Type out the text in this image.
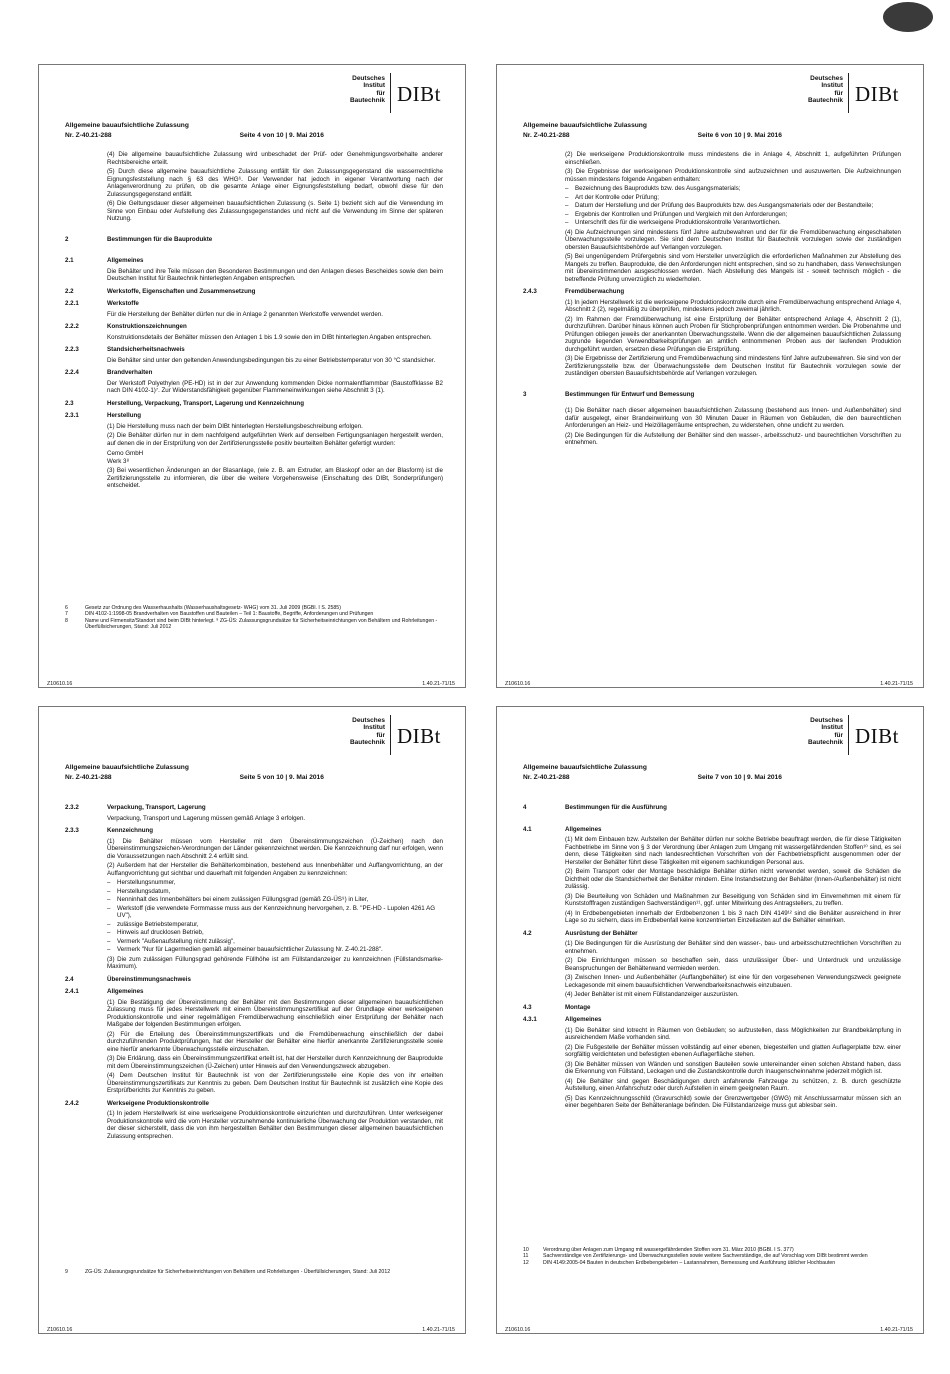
Deutsches
Institut
für
Bautechnik DIBt
Allgemeine bauaufsichtliche Zulassung
Nr. Z-40.21-288	Seite 4 von 10 | 9. Mai 2016

(4) Die allgemeine bauaufsichtliche Zulassung wird unbeschadet der Prüf- oder Genehmigungsvorbehalte anderer Rechtsbereiche erteilt.

(5) Durch diese allgemeine bauaufsichtliche Zulassung entfällt für den Zulassungsgegenstand die wasserrechtliche Eignungsfeststellung nach § 63 des WHG⁶. Der Verwender hat jedoch in eigener Verantwortung nach der Anlagenverordnung zu prüfen, ob die gesamte Anlage einer Eignungsfeststellung bedarf, obwohl diese für den Zulassungsgegenstand entfällt.

(6) Die Geltungsdauer dieser allgemeinen bauaufsichtlichen Zulassung (s. Seite 1) bezieht sich auf die Verwendung im Sinne von Einbau oder Aufstellung des Zulassungsgegenstandes und nicht auf die Verwendung im Sinne der späteren Nutzung.

2	Bestimmungen für die Bauprodukte
2.1	Allgemeines

Die Behälter und ihre Teile müssen den Besonderen Bestimmungen und den Anlagen dieses Bescheides sowie den beim Deutschen Institut für Bautechnik hinterlegten Angaben entsprechen.

2.2	Werkstoffe, Eigenschaften und Zusammensetzung
2.2.1	Werkstoffe

Für die Herstellung der Behälter dürfen nur die in Anlage 2 genannten Werkstoffe verwendet werden.

2.2.2	Konstruktionszeichnungen

Konstruktionsdetails der Behälter müssen den Anlagen 1 bis 1.9 sowie den im DIBt hinterlegten Angaben entsprechen.

2.2.3	Standsicherheitsnachweis

Die Behälter sind unter den geltenden Anwendungsbedingungen bis zu einer Betriebstemperatur von 30 °C standsicher.

2.2.4	Brandverhalten

Der Werkstoff Polyethylen (PE-HD) ist in der zur Anwendung kommenden Dicke normalentflammbar (Baustoffklasse B2 nach DIN 4102-1)⁷. Zur Widerstandsfähigkeit gegenüber Flammeneinwirkungen siehe Abschnitt 3 (1).

2.3	Herstellung, Verpackung, Transport, Lagerung und Kennzeichnung
2.3.1	Herstellung

(1) Die Herstellung muss nach der beim DIBt hinterlegten Herstellungsbeschreibung erfolgen.

(2) Die Behälter dürfen nur in dem nachfolgend aufgeführten Werk auf denselben Fertigungsanlagen hergestellt werden, auf denen die in der Erstprüfung von der Zertifizierungsstelle positiv beurteilten Behälter gefertigt wurden:

Cemo GmbH

Werk 3⁸

(3) Bei wesentlichen Änderungen an der Blasanlage, (wie z. B. am Extruder, am Blaskopf oder an der Blasform) ist die Zertifizierungsstelle zu informieren, die über die weitere Vorgehensweise (Einschaltung des DIBt, Sonderprüfungen) entscheidet.

6	Gesetz zur Ordnung des Wasserhaushalts (Wasserhaushaltsgesetz- WHG) vom 31. Juli 2009 (BGBl. I S. 2585)
7	DIN 4102-1:1998-05 Brandverhalten von Baustoffen und Bauteilen – Teil 1: Baustoffe, Begriffe, Anforderungen und Prüfungen
8	Name und Firmensitz/Standort sind beim DIBt hinterlegt. ⁹ ZG-ÜS: Zulassungsgrundsätze für Sicherheitseinrichtungen von Behältern und Rohrleitungen - Überfüllsicherungen, Stand: Juli 2012
Z10610.16	1.40.21-71/15
Deutsches
Institut
für
Bautechnik DIBt
Allgemeine bauaufsichtliche Zulassung
Nr. Z-40.21-288	Seite 6 von 10 | 9. Mai 2016

(2) Die werkseigene Produktionskontrolle muss mindestens die in Anlage 4, Abschnitt 1, aufgeführten Prüfungen einschließen.

(3) Die Ergebnisse der werkseigenen Produktionskontrolle sind aufzuzeichnen und auszuwerten. Die Aufzeichnungen müssen mindestens folgende Angaben enthalten:

– Bezeichnung des Bauprodukts bzw. des Ausgangsmaterials;
– Art der Kontrolle oder Prüfung;
– Datum der Herstellung und der Prüfung des Bauprodukts bzw. des Ausgangsmaterials oder der Bestandteile;
– Ergebnis der Kontrollen und Prüfungen und Vergleich mit den Anforderungen;
– Unterschrift des für die werkseigene Produktionskontrolle Verantwortlichen.

(4) Die Aufzeichnungen sind mindestens fünf Jahre aufzubewahren und der für die Fremdüberwachung eingeschalteten Überwachungsstelle vorzulegen. Sie sind dem Deutschen Institut für Bautechnik vorzulegen sowie der zuständigen obersten Bauaufsichtsbehörde auf Verlangen vorzulegen.

(5) Bei ungenügendem Prüfergebnis sind vom Hersteller unverzüglich die erforderlichen Maßnahmen zur Abstellung des Mangels zu treffen. Bauprodukte, die den Anforderungen nicht entsprechen, sind so zu handhaben, dass Verwechslungen mit übereinstimmenden ausgeschlossen werden. Nach Abstellung des Mangels ist - soweit technisch möglich - die betreffende Prüfung unverzüglich zu wiederholen.

2.4.3	Fremdüberwachung

(1) In jedem Herstellwerk ist die werkseigene Produktionskontrolle durch eine Fremdüberwachung entsprechend Anlage 4, Abschnitt 2 (2), regelmäßig zu überprüfen, mindestens jedoch zweimal jährlich.

(2) Im Rahmen der Fremdüberwachung ist eine Erstprüfung der Behälter entsprechend Anlage 4, Abschnitt 2 (1), durchzuführen. Darüber hinaus können auch Proben für Stichprobenprüfungen entnommen werden. Die Probenahme und Prüfungen obliegen jeweils der anerkannten Überwachungsstelle. Wenn die der allgemeinen bauaufsichtlichen Zulassung zugrunde liegenden Verwendbarkeitsprüfungen an amtlich entnommenen Proben aus der laufenden Produktion durchgeführt wurden, ersetzen diese Prüfungen die Erstprüfung.

(3) Die Ergebnisse der Zertifizierung und Fremdüberwachung sind mindestens fünf Jahre aufzubewahren. Sie sind von der Zertifizierungsstelle bzw. der Überwachungsstelle dem Deutschen Institut für Bautechnik vorzulegen sowie der zuständigen obersten Bauaufsichtsbehörde auf Verlangen vorzulegen.

3	Bestimmungen für Entwurf und Bemessung

(1) Die Behälter nach dieser allgemeinen bauaufsichtlichen Zulassung (bestehend aus Innen- und Außenbehälter) sind dafür ausgelegt, einer Brandeinwirkung von 30 Minuten Dauer in Räumen von Gebäuden, die den baurechtlichen Anforderungen an Heiz- und Heizöllagerräume entsprechen, zu widerstehen, ohne undicht zu werden.

(2) Die Bedingungen für die Aufstellung der Behälter sind den wasser-, arbeitsschutz- und baurechtlichen Vorschriften zu entnehmen.

Z10610.16	1.40.21-71/15
Deutsches
Institut
für
Bautechnik DIBt
Allgemeine bauaufsichtliche Zulassung
Nr. Z-40.21-288	Seite 5 von 10 | 9. Mai 2016
2.3.2	Verpackung, Transport, Lagerung

Verpackung, Transport und Lagerung müssen gemäß Anlage 3 erfolgen.

2.3.3	Kennzeichnung

(1) Die Behälter müssen vom Hersteller mit dem Übereinstimmungszeichen (Ü-Zeichen) nach den Übereinstimmungszeichen-Verordnungen der Länder gekennzeichnet werden. Die Kennzeichnung darf nur erfolgen, wenn die Voraussetzungen nach Abschnitt 2.4 erfüllt sind.

(2) Außerdem hat der Hersteller die Behälterkombination, bestehend aus Innenbehälter und Auffangvorrichtung, an der Auffangvorrichtung gut sichtbar und dauerhaft mit folgenden Angaben zu kennzeichnen:

– Herstellungsnummer,
– Herstellungsdatum,
– Nenninhalt des Innenbehälters bei einem zulässigen Füllungsgrad (gemäß ZG-ÜS⁹) in Liter,
– Werkstoff (die verwendete Formmasse muss aus der Kennzeichnung hervorgehen, z. B. "PE-HD - Lupolen 4261 AG UV"),
– zulässige Betriebstemperatur,
– Hinweis auf drucklosen Betrieb,
– Vermerk "Außenaufstellung nicht zulässig",
– Vermerk "Nur für Lagermedien gemäß allgemeiner bauaufsichtlicher Zulassung Nr. Z-40.21-288".

(3) Die zum zulässigen Füllungsgrad gehörende Füllhöhe ist am Füllstandanzeiger zu kennzeichnen (Füllstandsmarke-Maximum).

2.4	Übereinstimmungsnachweis
2.4.1	Allgemeines

(1) Die Bestätigung der Übereinstimmung der Behälter mit den Bestimmungen dieser allgemeinen bauaufsichtlichen Zulassung muss für jedes Herstellwerk mit einem Übereinstimmungszertifikat auf der Grundlage einer werkseigenen Produktionskontrolle und einer regelmäßigen Fremdüberwachung einschließlich einer Erstprüfung der Behälter nach Maßgabe der folgenden Bestimmungen erfolgen.

(2) Für die Erteilung des Übereinstimmungszertifikats und die Fremdüberwachung einschließlich der dabei durchzuführenden Produktprüfungen, hat der Hersteller der Behälter eine hierfür anerkannte Zertifizierungsstelle sowie eine hierfür anerkannte Überwachungsstelle einzuschalten.

(3) Die Erklärung, dass ein Übereinstimmungszertifikat erteilt ist, hat der Hersteller durch Kennzeichnung der Bauprodukte mit dem Übereinstimmungszeichen (Ü-Zeichen) unter Hinweis auf den Verwendungszweck abzugeben.

(4) Dem Deutschen Institut für Bautechnik ist von der Zertifizierungsstelle eine Kopie des von ihr erteilten Übereinstimmungszertifikats zur Kenntnis zu geben. Dem Deutschen Institut für Bautechnik ist zusätzlich eine Kopie des Erstprüfberichts zur Kenntnis zu geben.

2.4.2	Werkseigene Produktionskontrolle

(1) In jedem Herstellwerk ist eine werkseigene Produktionskontrolle einzurichten und durchzuführen. Unter werkseigener Produktionskontrolle wird die vom Hersteller vorzunehmende kontinuierliche Überwachung der Produktion verstanden, mit der dieser sicherstellt, dass die von ihm hergestellten Behälter den Bestimmungen dieser allgemeinen bauaufsichtlichen Zulassung entsprechen.

9	ZG-ÜS: Zulassungsgrundsätze für Sicherheitseinrichtungen von Behältern und Rohrleitungen - Überfüllsicherungen, Stand: Juli 2012
Z10610.16	1.40.21-71/15
Deutsches
Institut
für
Bautechnik DIBt
Allgemeine bauaufsichtliche Zulassung
Nr. Z-40.21-288	Seite 7 von 10 | 9. Mai 2016
4	Bestimmungen für die Ausführung
4.1	Allgemeines

(1) Mit dem Einbauen bzw. Aufstellen der Behälter dürfen nur solche Betriebe beauftragt werden, die für diese Tätigkeiten Fachbetriebe im Sinne von § 3 der Verordnung über Anlagen zum Umgang mit wassergefährdenden Stoffen¹⁰ sind, es sei denn, diese Tätigkeiten sind nach landesrechtlichen Vorschriften von der Fachbetriebspflicht ausgenommen oder der Hersteller der Behälter führt diese Tätigkeiten mit eigenem sachkundigen Personal aus.

(2) Beim Transport oder der Montage beschädigte Behälter dürfen nicht verwendet werden, soweit die Schäden die Dichtheit oder die Standsicherheit der Behälter mindern. Eine Instandsetzung der Behälter (Innen-/Außenbehälter) ist nicht zulässig.

(3) Die Beurteilung von Schäden und Maßnahmen zur Beseitigung von Schäden sind im Einvernehmen mit einem für Kunststofffragen zuständigen Sachverständigen¹¹, ggf. unter Mitwirkung des Antragstellers, zu treffen.

(4) In Erdbebengebieten innerhalb der Erdbebenzonen 1 bis 3 nach DIN 4149¹² sind die Behälter ausreichend in ihrer Lage so zu sichern, dass im Erdbebenfall keine konzentrierten Einzellasten auf die Behälter einwirken.

4.2	Ausrüstung der Behälter

(1) Die Bedingungen für die Ausrüstung der Behälter sind den wasser-, bau- und arbeitsschutzrechtlichen Vorschriften zu entnehmen.

(2) Die Einrichtungen müssen so beschaffen sein, dass unzulässiger Über- und Unterdruck und unzulässige Beanspruchungen der Behälterwand vermieden werden.

(3) Zwischen Innen- und Außenbehälter (Auffangbehälter) ist eine für den vorgesehenen Verwendungszweck geeignete Leckagesonde mit einem bauaufsichtlichen Verwendbarkeitsnachweis einzubauen.

(4) Jeder Behälter ist mit einem Füllstandanzeiger auszurüsten.

4.3	Montage
4.3.1	Allgemeines

(1) Die Behälter sind lotrecht in Räumen von Gebäuden; so aufzustellen, dass Möglichkeiten zur Brandbekämpfung in ausreichendem Maße vorhanden sind.

(2) Die Fußgestelle der Behälter müssen vollständig auf einer ebenen, biegesteifen und glatten Auflagerplatte bzw. einer sorgfältig verdichteten und befestigten ebenen Auflagerfläche stehen.

(3) Die Behälter müssen von Wänden und sonstigen Bauteilen sowie untereinander einen solchen Abstand haben, dass die Erkennung von Füllstand, Leckagen und die Zustandskontrolle durch Inaugenscheinnahme jederzeit möglich ist.

(4) Die Behälter sind gegen Beschädigungen durch anfahrende Fahrzeuge zu schützen, z. B. durch geschützte Aufstellung, einen Anfahrschutz oder durch Aufstellen in einem geeigneten Raum.

(5) Das Kennzeichnungsschild (Gravurschild) sowie der Grenzwertgeber (GWG) mit Anschlussarmatur müssen sich an einer begehbaren Seite der Behälteranlage befinden. Die Füllstandanzeige muss gut ablesbar sein.

10	Verordnung über Anlagen zum Umgang mit wassergefährdenden Stoffen vom 31. März 2010 (BGBl. I S. 377)
11	Sachverständige von Zertifizierungs- und Überwachungsstellen sowie weitere Sachverständige, die auf Vorschlag vom DIBt bestimmt werden
12	DIN 4149:2005-04 Bauten in deutschen Erdbebengebieten – Lastannahmen, Bemessung und Ausführung üblicher Hochbauten
Z10610.16	1.40.21-71/15
